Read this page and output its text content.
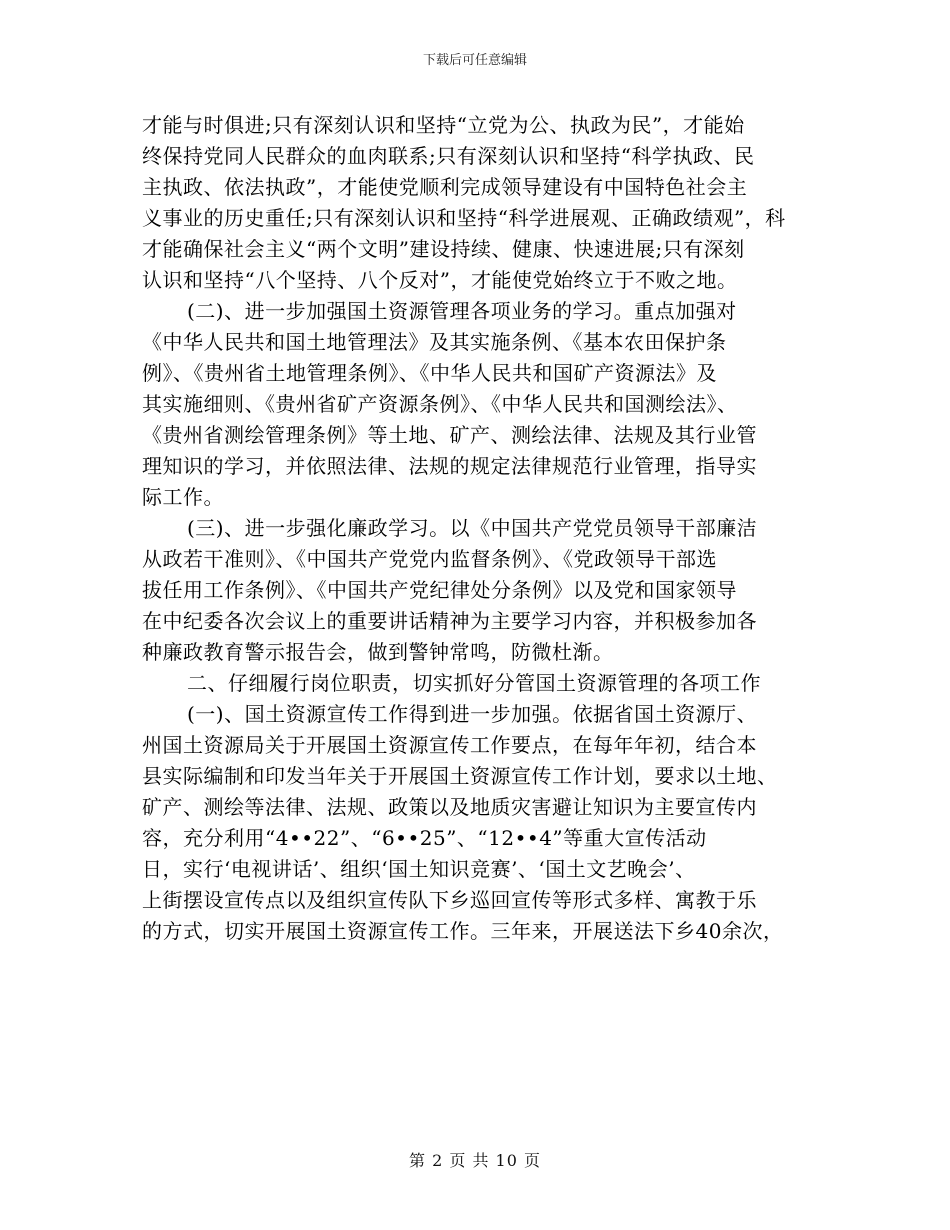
下载后可任意编辑
才能与时俱进;只有深刻认识和坚持“立党为公、执政为民”，才能始
终保持党同人民群众的血肉联系;只有深刻认识和坚持“科学执政、民
主执政、依法执政”，才能使党顺利完成领导建设有中国特色社会主
义事业的历史重任;只有深刻认识和坚持“科学进展观、正确政绩观”，科
才能确保社会主义“两个文明”建设持续、健康、快速进展;只有深刻
认识和坚持“八个坚持、八个反对”，才能使党始终立于不败之地。
(二)、进一步加强国土资源管理各项业务的学习。重点加强对
《中华人民共和国土地管理法》及其实施条例、《基本农田保护条
例》、《贵州省土地管理条例》、《中华人民共和国矿产资源法》及
其实施细则、《贵州省矿产资源条例》、《中华人民共和国测绘法》、
《贵州省测绘管理条例》等土地、矿产、测绘法律、法规及其行业管
理知识的学习，并依照法律、法规的规定法律规范行业管理，指导实
际工作。
(三)、进一步强化廉政学习。以《中国共产党党员领导干部廉洁
从政若干准则》、《中国共产党党内监督条例》、《党政领导干部选
拔任用工作条例》、《中国共产党纪律处分条例》以及党和国家领导
在中纪委各次会议上的重要讲话精神为主要学习内容，并积极参加各
种廉政教育警示报告会，做到警钟常鸣，防微杜渐。
二、仔细履行岗位职责，切实抓好分管国土资源管理的各项工作
(一)、国土资源宣传工作得到进一步加强。依据省国土资源厅、
州国土资源局关于开展国土资源宣传工作要点，在每年年初，结合本
县实际编制和印发当年关于开展国土资源宣传工作计划，要求以土地、
矿产、测绘等法律、法规、政策以及地质灾害避让知识为主要宣传内
容，充分利用“4••22”、“6••25”、“12••4”等重大宣传活动
日，实行‘电视讲话’、组织‘国土知识竞赛’、‘国土文艺晚会’、
上街摆设宣传点以及组织宣传队下乡巡回宣传等形式多样、寓教于乐
的方式，切实开展国土资源宣传工作。三年来，开展送法下乡40余次，
第 2 页 共 10 页
